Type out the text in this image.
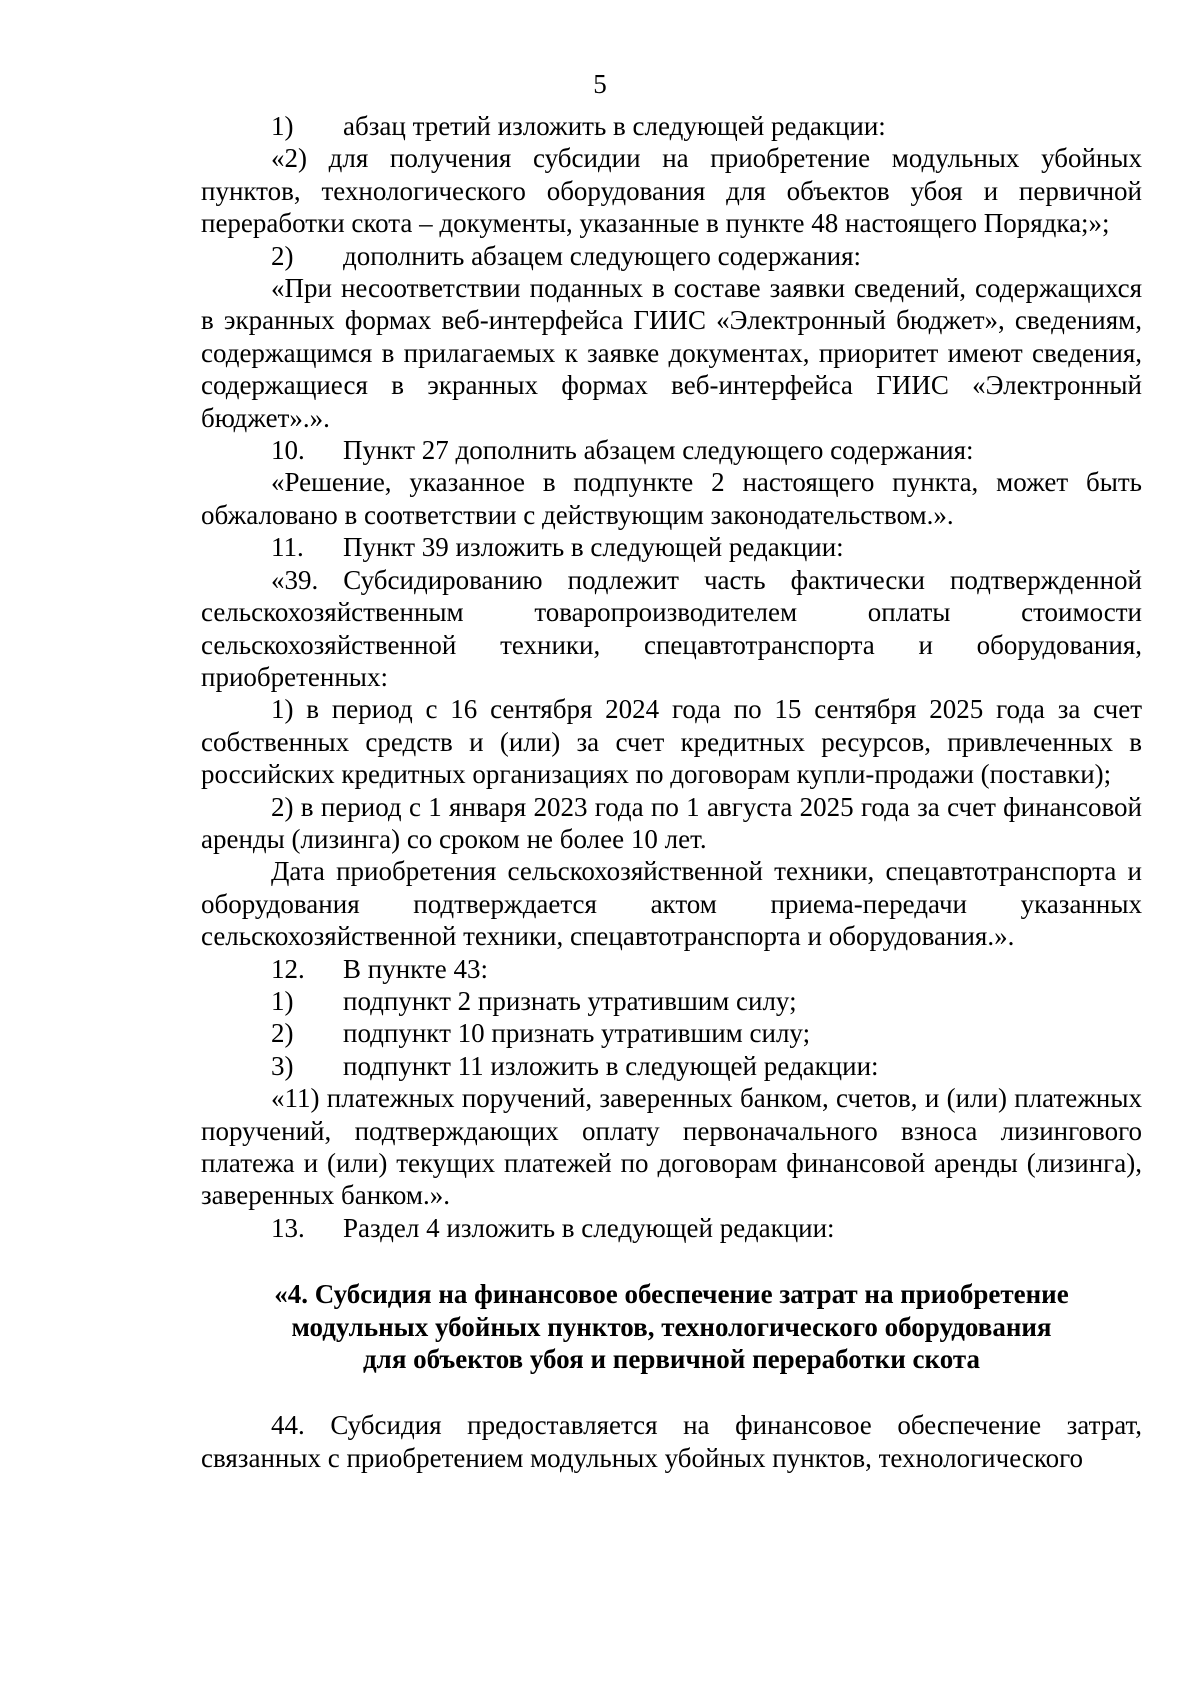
5
1)	абзац третий изложить в следующей редакции:

«2) для получения субсидии на приобретение модульных убойных пунктов, технологического оборудования для объектов убоя и первичной переработки скота – документы, указанные в пункте 48 настоящего Порядка;»;

2)	дополнить абзацем следующего содержания:

«При несоответствии поданных в составе заявки сведений, содержащихся в экранных формах веб-интерфейса ГИИС «Электронный бюджет», сведениям, содержащимся в прилагаемых к заявке документах, приоритет имеют сведения, содержащиеся в экранных формах веб-интерфейса ГИИС «Электронный бюджет».».

10.	Пункт 27 дополнить абзацем следующего содержания:

«Решение, указанное в подпункте 2 настоящего пункта, может быть обжаловано в соответствии с действующим законодательством.».

11.	Пункт 39 изложить в следующей редакции:

«39. Субсидированию подлежит часть фактически подтвержденной сельскохозяйственным товаропроизводителем оплаты стоимости сельскохозяйственной техники, спецавтотранспорта и оборудования, приобретенных:

1) в период с 16 сентября 2024 года по 15 сентября 2025 года за счет собственных средств и (или) за счет кредитных ресурсов, привлеченных в российских кредитных организациях по договорам купли-продажи (поставки);

2) в период с 1 января 2023 года по 1 августа 2025 года за счет финансовой аренды (лизинга) со сроком не более 10 лет.

Дата приобретения сельскохозяйственной техники, спецавтотранспорта и оборудования подтверждается актом приема-передачи указанных сельскохозяйственной техники, спецавтотранспорта и оборудования.».

12.	В пункте 43:
1)	подпункт 2 признать утратившим силу;
2)	подпункт 10 признать утратившим силу;
3)	подпункт 11 изложить в следующей редакции:

«11) платежных поручений, заверенных банком, счетов, и (или) платежных поручений, подтверждающих оплату первоначального взноса лизингового платежа и (или) текущих платежей по договорам финансовой аренды (лизинга), заверенных банком.».

13.	Раздел 4 изложить в следующей редакции:
«4. Субсидия на финансовое обеспечение затрат на приобретение
модульных убойных пунктов, технологического оборудования
для объектов убоя и первичной переработки скота

44. Субсидия предоставляется на финансовое обеспечение затрат, связанных с приобретением модульных убойных пунктов, технологического
